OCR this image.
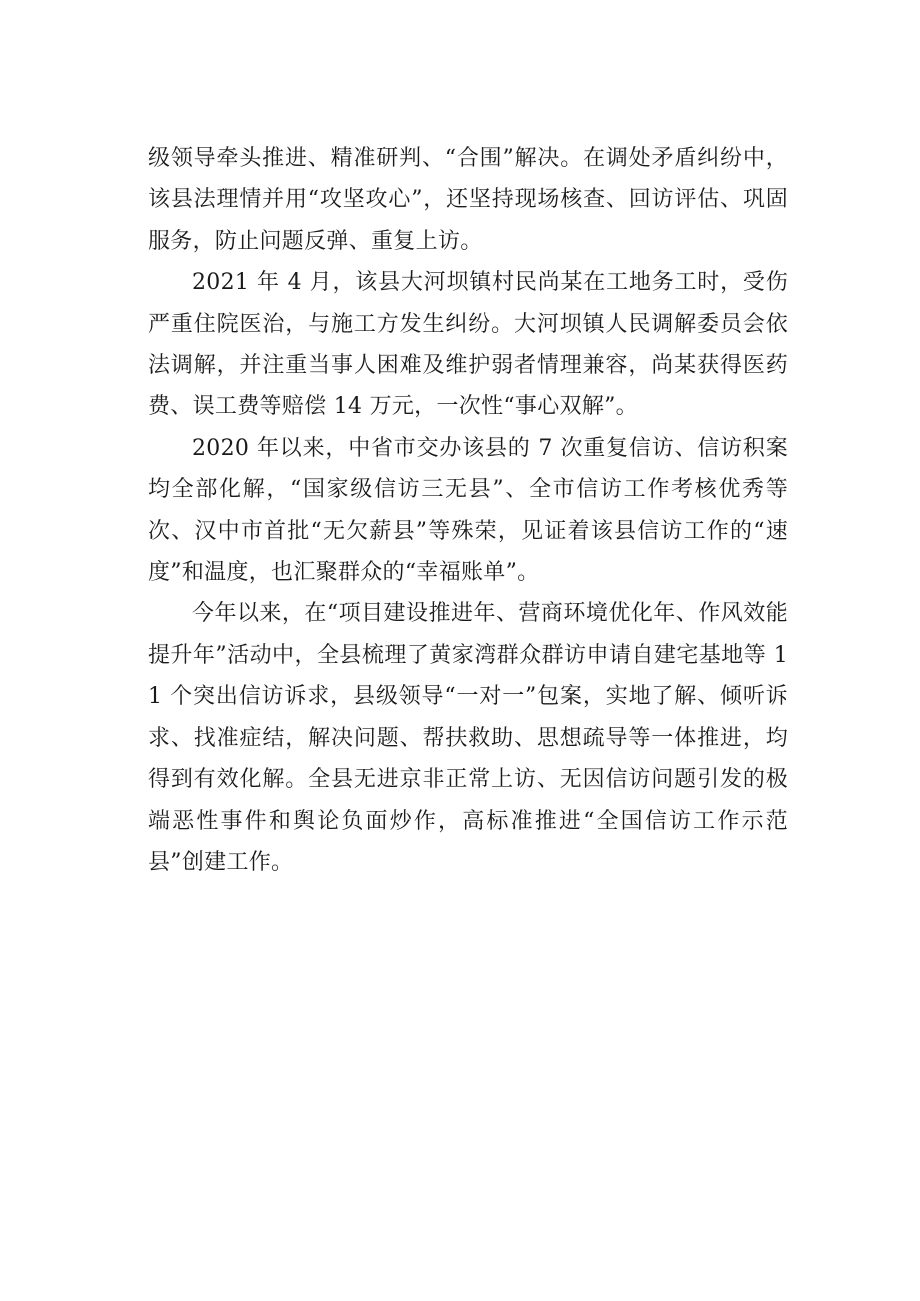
级领导牵头推进、精准研判、“合围”解决。在调处矛盾纠纷中，该县法理情并用“攻坚攻心”，还坚持现场核查、回访评估、巩固服务，防止问题反弹、重复上访。

2021 年 4 月，该县大河坝镇村民尚某在工地务工时，受伤严重住院医治，与施工方发生纠纷。大河坝镇人民调解委员会依法调解，并注重当事人困难及维护弱者情理兼容，尚某获得医药费、误工费等赔偿 14 万元，一次性“事心双解”。

2020 年以来，中省市交办该县的 7 次重复信访、信访积案均全部化解，“国家级信访三无县”、全市信访工作考核优秀等次、汉中市首批“无欠薪县”等殊荣，见证着该县信访工作的“速度”和温度，也汇聚群众的“幸福账单”。

今年以来，在“项目建设推进年、营商环境优化年、作风效能提升年”活动中，全县梳理了黄家湾群众群访申请自建宅基地等 11 个突出信访诉求，县级领导“一对一”包案，实地了解、倾听诉求、找准症结，解决问题、帮扶救助、思想疏导等一体推进，均得到有效化解。全县无进京非正常上访、无因信访问题引发的极端恶性事件和舆论负面炒作，高标准推进“全国信访工作示范县”创建工作。
